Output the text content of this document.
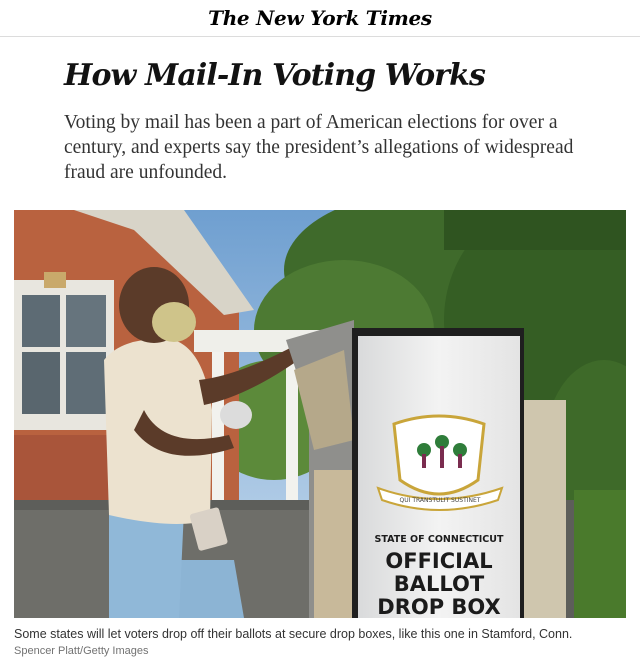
The New York Times
How Mail-In Voting Works

Voting by mail has been a part of American elections for over a century, and experts say the president’s allegations of widespread fraud are unfounded.

QUI TRANSTULIT SUSTINET
STATE OF CONNECTICUT
OFFICIAL
BALLOT
DROP BOX

Some states will let voters drop off their ballots at secure drop boxes, like this one in Stamford, Conn.

Spencer Platt/Getty Images
